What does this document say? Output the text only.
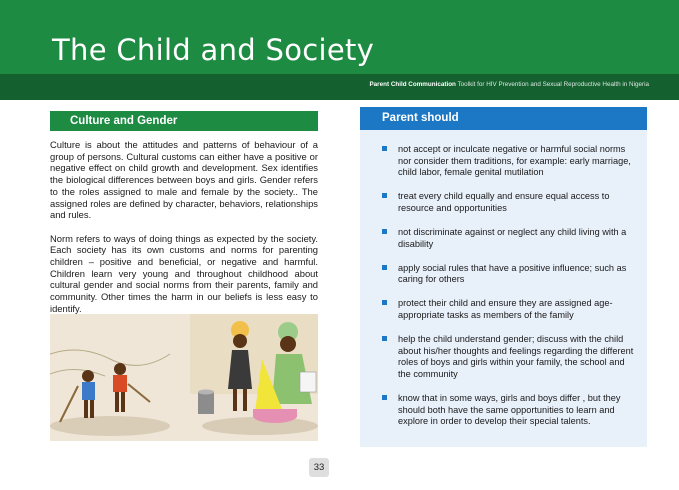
The Child and Society
Parent Child Communication Toolkit for HIV Prevention and Sexual Reproductive Health in Nigeria
Culture and Gender

Culture is about the attitudes and patterns of behaviour of a group of persons. Cultural customs can either have a positive or negative effect on child growth and development. Sex identifies the biological differences between boys and girls. Gender refers to the roles assigned to male and female by the society.. The assigned roles are defined by character, behaviors, relationships and rules.

Norm refers to ways of doing things as expected by the society. Each society has its own customs and norms for parenting children – positive and beneficial, or negative and harmful. Children learn very young and throughout childhood about cultural gender and social norms from their parents, family and community. Other times the harm in our beliefs is less easy to identify.

Parent should
not accept or inculcate negative or harmful social norms nor consider them traditions, for example: early marriage, child labor, female genital mutilation
treat every child equally and ensure equal access to resource and opportunities
not discriminate against or neglect any child living with a disability
apply social rules that have a positive influence; such as caring for others
protect their child and ensure they are assigned age-appropriate tasks as members of the family
help the child understand gender; discuss with the child about his/her thoughts and feelings regarding the different roles of boys and girls within your family, the school and the community
know that in some ways, girls and boys differ , but they should both have the same opportunities to learn and explore in order to develop their special talents.
33
